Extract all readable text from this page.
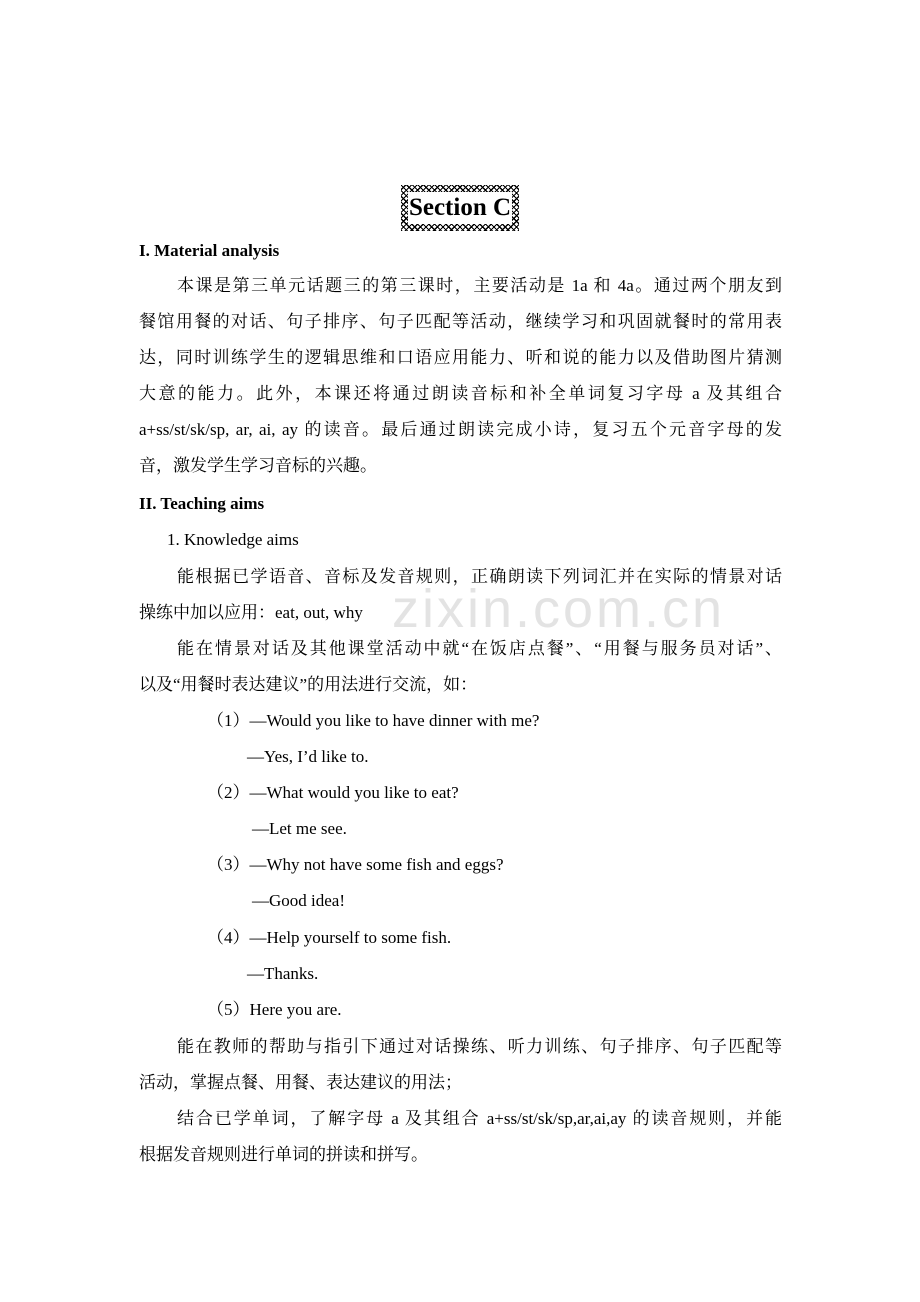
zixin.com.cn
Section C
I. Material analysis
本课是第三单元话题三的第三课时，主要活动是 1a 和 4a。通过两个朋友到
餐馆用餐的对话、句子排序、句子匹配等活动，继续学习和巩固就餐时的常用表
达，同时训练学生的逻辑思维和口语应用能力、听和说的能力以及借助图片猜测
大意的能力。此外，本课还将通过朗读音标和补全单词复习字母 a 及其组合
a+ss/st/sk/sp, ar, ai, ay 的读音。最后通过朗读完成小诗，复习五个元音字母的发
音，激发学生学习音标的兴趣。
II. Teaching aims
1. Knowledge aims
能根据已学语音、音标及发音规则，正确朗读下列词汇并在实际的情景对话
操练中加以应用：eat, out, why
能在情景对话及其他课堂活动中就“在饭店点餐”、“用餐与服务员对话”、
以及“用餐时表达建议”的用法进行交流，如：
（1）—Would you like to have dinner with me?
—Yes, I’d like to.
（2）—What would you like to eat?
—Let me see.
（3）—Why not have some fish and eggs?
—Good idea!
（4）—Help yourself to some fish.
—Thanks.
（5）Here you are.
能在教师的帮助与指引下通过对话操练、听力训练、句子排序、句子匹配等
活动，掌握点餐、用餐、表达建议的用法；
结合已学单词，了解字母 a 及其组合 a+ss/st/sk/sp,ar,ai,ay 的读音规则，并能
根据发音规则进行单词的拼读和拼写。
